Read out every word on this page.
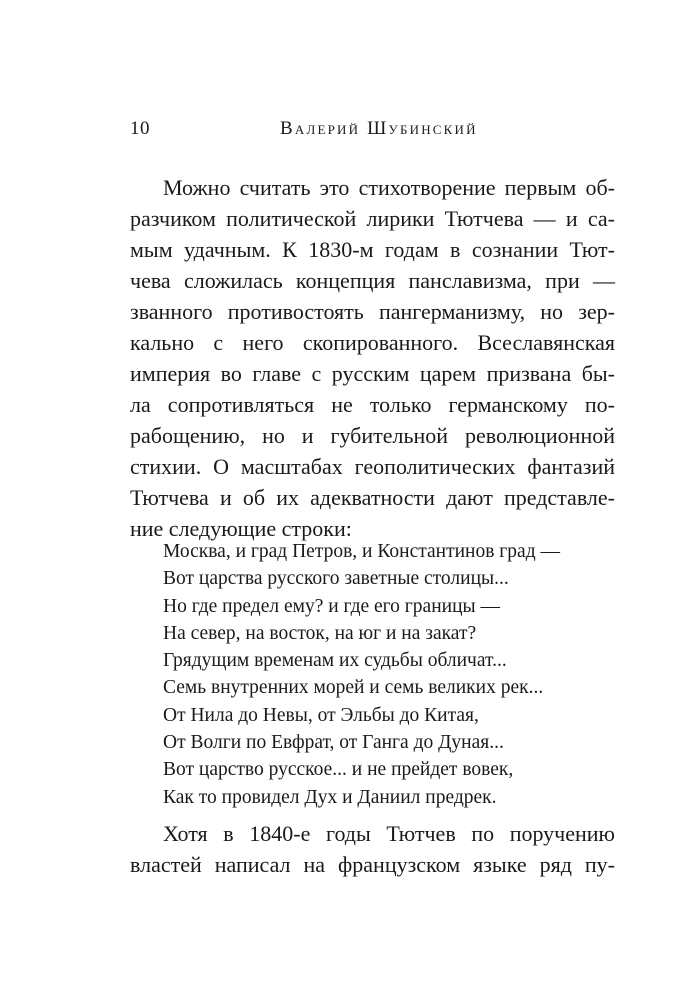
10	Валерий Шубинский
Можно считать это стихотворение первым об-
разчиком политической лирики Тютчева — и са-
мым удачным. К 1830-м годам в сознании Тют-
чева сложилась концепция панславизма, при —
званного противостоять пангерманизму, но зер-
кально с него скопированного. Всеславянская
империя во главе с русским царем призвана бы-
ла сопротивляться не только германскому по-
рабощению, но и губительной революционной
стихии. О масштабах геополитических фантазий
Тютчева и об их адекватности дают представле-
ние следующие строки:
Москва, и град Петров, и Константинов град —
Вот царства русского заветные столицы...
Но где предел ему? и где его границы —
На север, на восток, на юг и на закат?
Грядущим временам их судьбы обличат...
Семь внутренних морей и семь великих рек...
От Нила до Невы, от Эльбы до Китая,
От Волги по Евфрат, от Ганга до Дуная...
Вот царство русское... и не прейдет вовек,
Как то провидел Дух и Даниил предрек.
Хотя в 1840-е годы Тютчев по поручению
властей написал на французском языке ряд пу-
